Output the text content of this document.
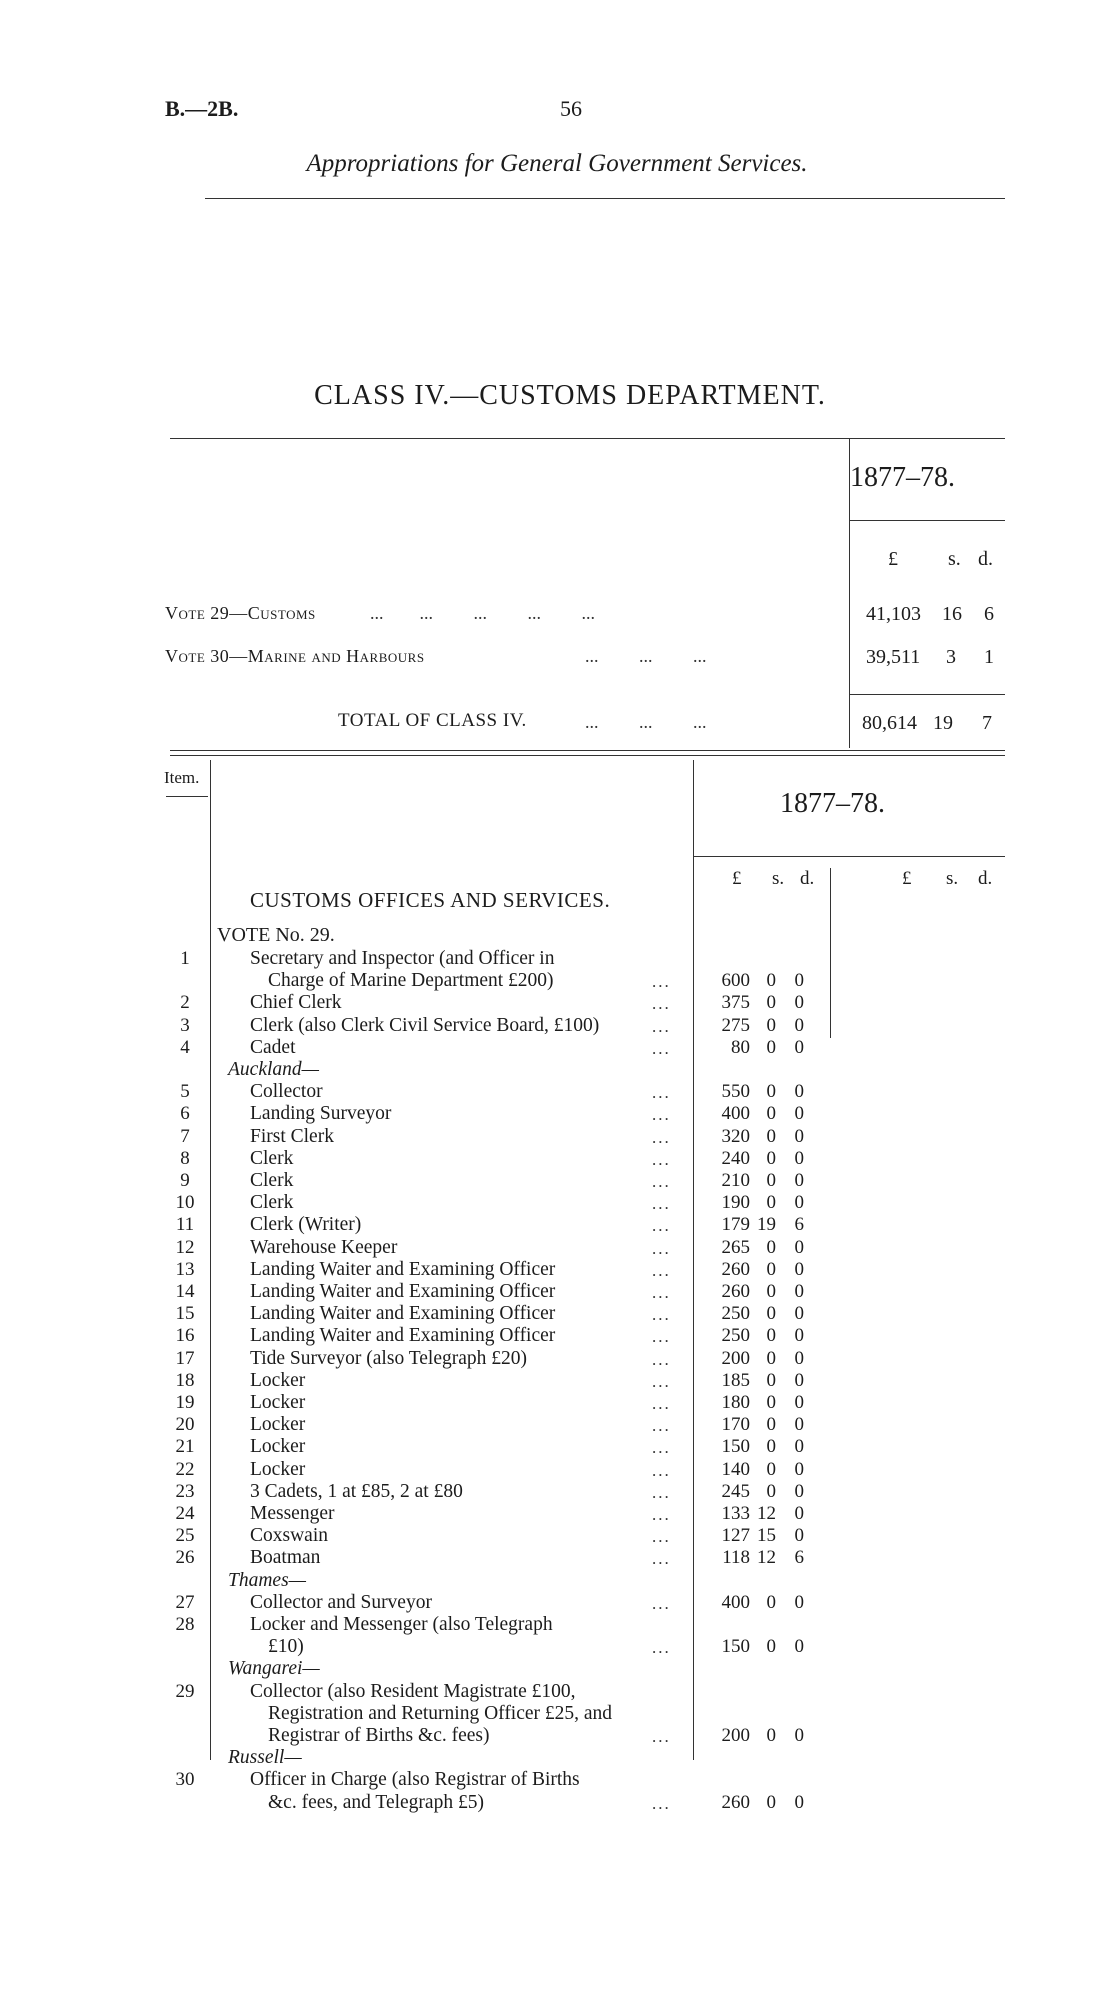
B.—2B.	56
Appropriations for General Government Services.
CLASS IV.—CUSTOMS DEPARTMENT.
1877–78.
£	s. d.
Vote 29—Customs	...        ...         ...         ...         ...	41,103 16 6
Vote 30—Marine and Harbours	...         ...         ...	39,511 3 1
TOTAL OF CLASS IV.	...         ...         ...	80,614 19 7
Item.
1877–78.
£ s. d.	£ s. d.
CUSTOMS OFFICES AND SERVICES.
VOTE No. 29.
1	Secretary and Inspector (and Officer in
Charge of Marine Department £200)	...	600 0 0
2	Chief Clerk	...	375 0 0
3	Clerk (also Clerk Civil Service Board, £100)	...	275 0 0
4	Cadet	...	80 0 0
Auckland—
5	Collector	...	550 0 0
6	Landing Surveyor	...	400 0 0
7	First Clerk	...	320 0 0
8	Clerk	...	240 0 0
9	Clerk	...	210 0 0
10	Clerk	...	190 0 0
11	Clerk (Writer)	...	179 19 6
12	Warehouse Keeper	...	265 0 0
13	Landing Waiter and Examining Officer	...	260 0 0
14	Landing Waiter and Examining Officer	...	260 0 0
15	Landing Waiter and Examining Officer	...	250 0 0
16	Landing Waiter and Examining Officer	...	250 0 0
17	Tide Surveyor (also Telegraph £20)	...	200 0 0
18	Locker	...	185 0 0
19	Locker	...	180 0 0
20	Locker	...	170 0 0
21	Locker	...	150 0 0
22	Locker	...	140 0 0
23	3 Cadets, 1 at £85, 2 at £80	...	245 0 0
24	Messenger	...	133 12 0
25	Coxswain	...	127 15 0
26	Boatman	...	118 12 6
Thames—
27	Collector and Surveyor	...	400 0 0
28	Locker and Messenger (also Telegraph
£10)	...	150 0 0
Wangarei—
29	Collector (also Resident Magistrate £100,
Registration and Returning Officer £25, and
Registrar of Births &c. fees)	...	200 0 0
Russell—
30	Officer in Charge (also Registrar of Births
&c. fees, and Telegraph £5)	...	260 0 0
